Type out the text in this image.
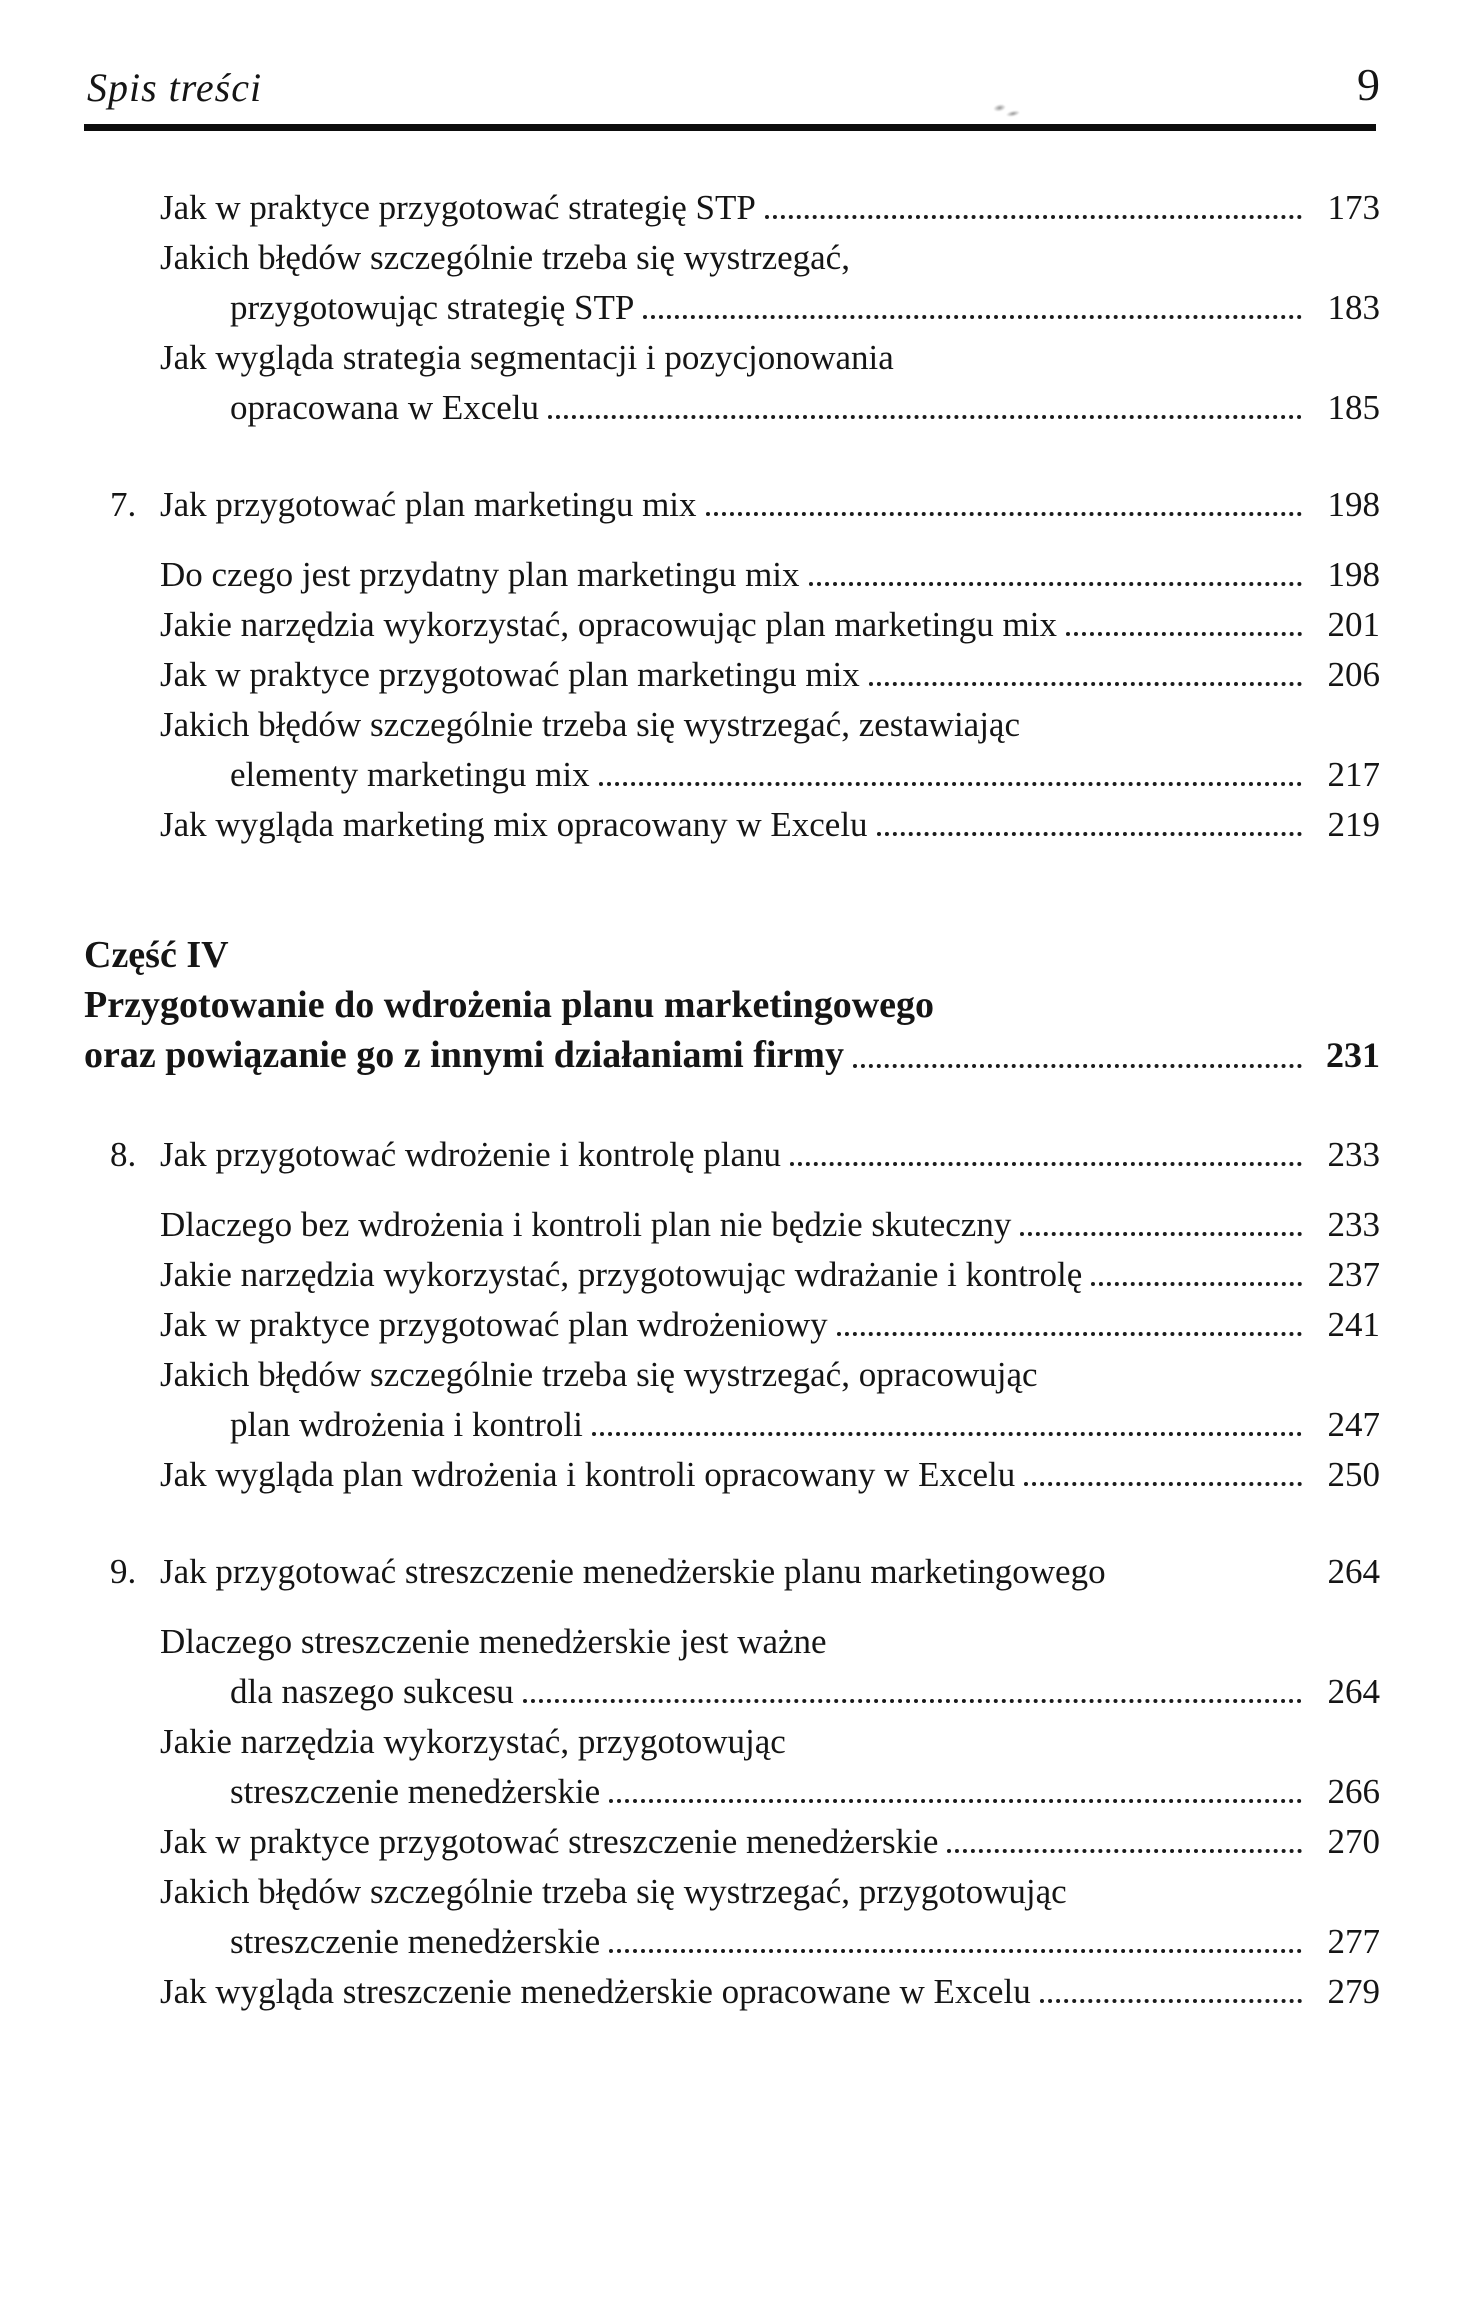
Spis treści	9
Jak w praktyce przygotować strategię STP	173
Jakich błędów szczególnie trzeba się wystrzegać,
przygotowując strategię STP	183
Jak wygląda strategia segmentacji i pozycjonowania
opracowana w Excelu	185
7. Jak przygotować plan marketingu mix	198
Do czego jest przydatny plan marketingu mix	198
Jakie narzędzia wykorzystać, opracowując plan marketingu mix	201
Jak w praktyce przygotować plan marketingu mix	206
Jakich błędów szczególnie trzeba się wystrzegać, zestawiając
elementy marketingu mix	217
Jak wygląda marketing mix opracowany w Excelu	219
Część IV
Przygotowanie do wdrożenia planu marketingowego
oraz powiązanie go z innymi działaniami firmy	231
8. Jak przygotować wdrożenie i kontrolę planu	233
Dlaczego bez wdrożenia i kontroli plan nie będzie skuteczny	233
Jakie narzędzia wykorzystać, przygotowując wdrażanie i kontrolę	237
Jak w praktyce przygotować plan wdrożeniowy	241
Jakich błędów szczególnie trzeba się wystrzegać, opracowując
plan wdrożenia i kontroli	247
Jak wygląda plan wdrożenia i kontroli opracowany w Excelu	250
9. Jak przygotować streszczenie menedżerskie planu marketingowego	264
Dlaczego streszczenie menedżerskie jest ważne
dla naszego sukcesu	264
Jakie narzędzia wykorzystać, przygotowując
streszczenie menedżerskie	266
Jak w praktyce przygotować streszczenie menedżerskie	270
Jakich błędów szczególnie trzeba się wystrzegać, przygotowując
streszczenie menedżerskie	277
Jak wygląda streszczenie menedżerskie opracowane w Excelu	279
